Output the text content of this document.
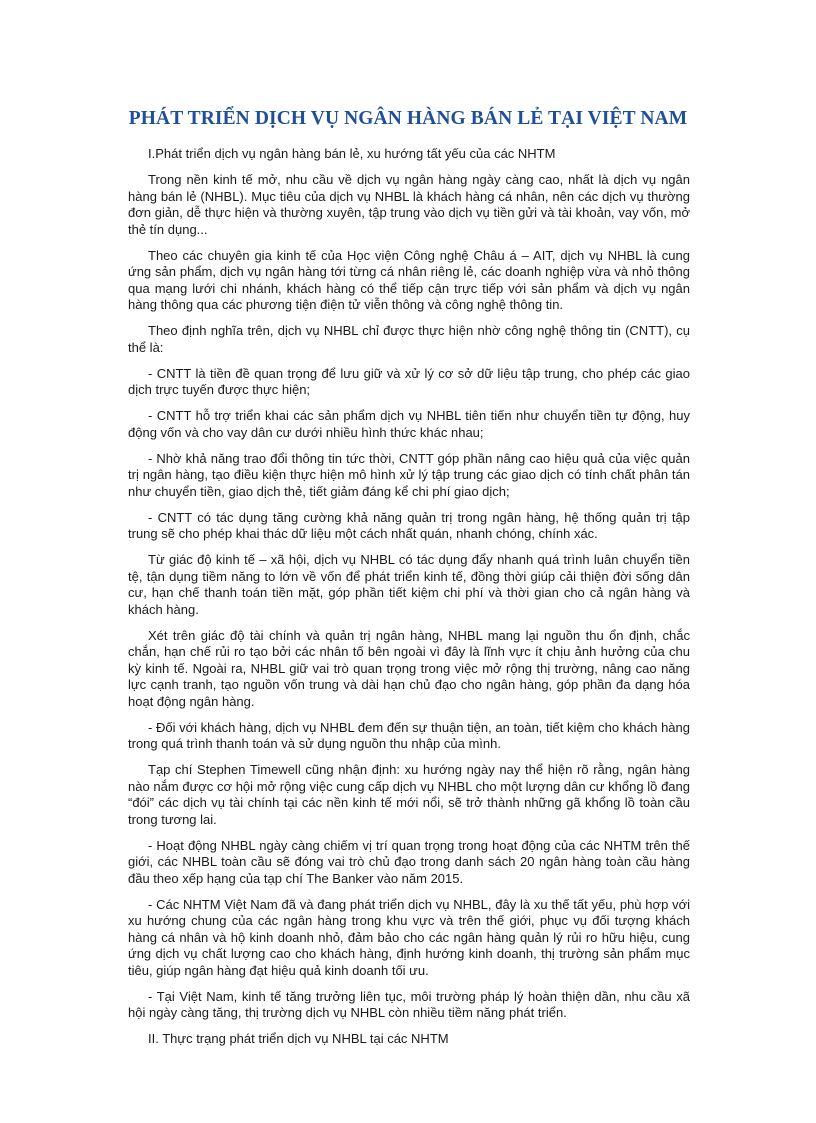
PHÁT TRIỂN DỊCH VỤ NGÂN HÀNG BÁN LẺ TẠI VIỆT NAM

I.Phát triển dịch vụ ngân hàng bán lẻ, xu hướng tất yếu của các NHTM

Trong nền kinh tế mở, nhu cầu về dịch vụ ngân hàng ngày càng cao, nhất là dịch vụ ngân hàng bán lẻ (NHBL). Mục tiêu của dịch vụ NHBL là khách hàng cá nhân, nên các dịch vụ thường đơn giản, dễ thực hiện và thường xuyên, tập trung vào dịch vụ tiền gửi và tài khoản, vay vốn, mở thẻ tín dụng...

Theo các chuyên gia kinh tế của Học viện Công nghệ Châu á – AIT, dịch vụ NHBL là cung ứng sản phẩm, dịch vụ ngân hàng tới từng cá nhân riêng lẻ, các doanh nghiệp vừa và nhỏ thông qua mạng lưới chi nhánh, khách hàng có thể tiếp cận trực tiếp với sản phẩm và dịch vụ ngân hàng thông qua các phương tiện điện tử viễn thông và công nghệ thông tin.

Theo định nghĩa trên, dịch vụ NHBL chỉ được thực hiện nhờ công nghệ thông tin (CNTT), cụ thể là:

- CNTT là tiền đề quan trọng để lưu giữ và xử lý cơ sở dữ liệu tập trung, cho phép các giao dịch trực tuyến được thực hiện;

- CNTT hỗ trợ triển khai các sản phẩm dịch vụ NHBL tiên tiến như chuyển tiền tự động, huy động vốn và cho vay dân cư dưới nhiều hình thức khác nhau;

- Nhờ khả năng trao đổi thông tin tức thời, CNTT góp phần nâng cao hiệu quả của việc quản trị ngân hàng, tạo điều kiện thực hiện mô hình xử lý tập trung các giao dịch có tính chất phân tán như chuyển tiền, giao dịch thẻ, tiết giảm đáng kể chi phí giao dịch;

- CNTT có tác dụng tăng cường khả năng quản trị trong ngân hàng, hệ thống quản trị tập trung sẽ cho phép khai thác dữ liệu một cách nhất quán, nhanh chóng, chính xác.

Từ giác độ kinh tế – xã hội, dịch vụ NHBL có tác dụng đẩy nhanh quá trình luân chuyển tiền tệ, tận dụng tiềm năng to lớn về vốn để phát triển kinh tế, đồng thời giúp cải thiện đời sống dân cư, hạn chế thanh toán tiền mặt, góp phần tiết kiệm chi phí và thời gian cho cả ngân hàng và khách hàng.

Xét trên giác độ tài chính và quản trị ngân hàng, NHBL mang lại nguồn thu ổn định, chắc chắn, hạn chế rủi ro tạo bởi các nhân tố bên ngoài vì đây là lĩnh vực ít chịu ảnh hưởng của chu kỳ kinh tế. Ngoài ra, NHBL giữ vai trò quan trọng trong việc mở rộng thị trường, nâng cao năng lực cạnh tranh, tạo nguồn vốn trung và dài hạn chủ đạo cho ngân hàng, góp phần đa dạng hóa hoạt động ngân hàng.

- Đối với khách hàng, dịch vụ NHBL đem đến sự thuận tiện, an toàn, tiết kiệm cho khách hàng trong quá trình thanh toán và sử dụng nguồn thu nhập của mình.

Tạp chí Stephen Timewell cũng nhận định: xu hướng ngày nay thể hiện rõ rằng, ngân hàng nào nắm được cơ hội mở rộng việc cung cấp dịch vụ NHBL cho một lượng dân cư khổng lồ đang “đói” các dịch vụ tài chính tại các nền kinh tế mới nổi, sẽ trở thành những gã khổng lồ toàn cầu trong tương lai.

- Hoạt động NHBL ngày càng chiếm vị trí quan trọng trong hoạt động của các NHTM trên thế giới, các NHBL toàn cầu sẽ đóng vai trò chủ đạo trong danh sách 20 ngân hàng toàn cầu hàng đầu theo xếp hạng của tạp chí The Banker vào năm 2015.

- Các NHTM Việt Nam đã và đang phát triển dịch vụ NHBL, đây là xu thế tất yếu, phù hợp với xu hướng chung của các ngân hàng trong khu vực và trên thế giới, phục vụ đối tượng khách hàng cá nhân và hộ kinh doanh nhỏ, đảm bảo cho các ngân hàng quản lý rủi ro hữu hiệu, cung ứng dịch vụ chất lượng cao cho khách hàng, định hướng kinh doanh, thị trường sản phẩm mục tiêu, giúp ngân hàng đạt hiệu quả kinh doanh tối ưu.

- Tại Việt Nam, kinh tế tăng trưởng liên tục, môi trường pháp lý hoàn thiện dần, nhu cầu xã hội ngày càng tăng, thị trường dịch vụ NHBL còn nhiều tiềm năng phát triển.

II. Thực trạng phát triển dịch vụ NHBL tại các NHTM
